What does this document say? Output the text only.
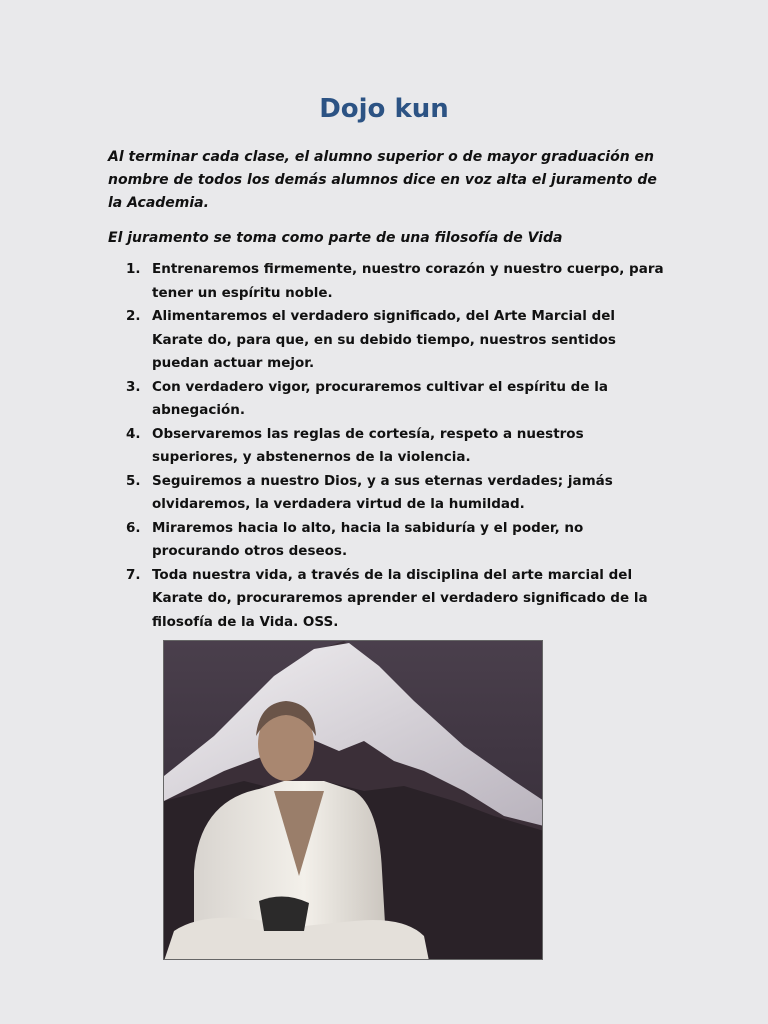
Dojo kun

Al terminar cada clase, el alumno superior o de mayor graduación en nombre de todos los demás alumnos dice en voz alta el juramento de la Academia.

El juramento se toma como parte de una filosofía de Vida

1. Entrenaremos firmemente, nuestro corazón y nuestro cuerpo, para tener un espíritu noble.
2. Alimentaremos el verdadero significado, del Arte Marcial del Karate do, para que, en su debido tiempo, nuestros sentidos puedan actuar mejor.
3. Con verdadero vigor, procuraremos cultivar el espíritu de la abnegación.
4. Observaremos las reglas de cortesía, respeto a nuestros superiores, y abstenernos de la violencia.
5. Seguiremos a nuestro Dios, y a sus eternas verdades; jamás olvidaremos, la verdadera virtud de la humildad.
6. Miraremos hacia lo alto, hacia la sabiduría y el poder, no procurando otros deseos.
7. Toda nuestra vida, a través de la disciplina del arte marcial del Karate do, procuraremos aprender el verdadero significado de la filosofía de la Vida. OSS.
